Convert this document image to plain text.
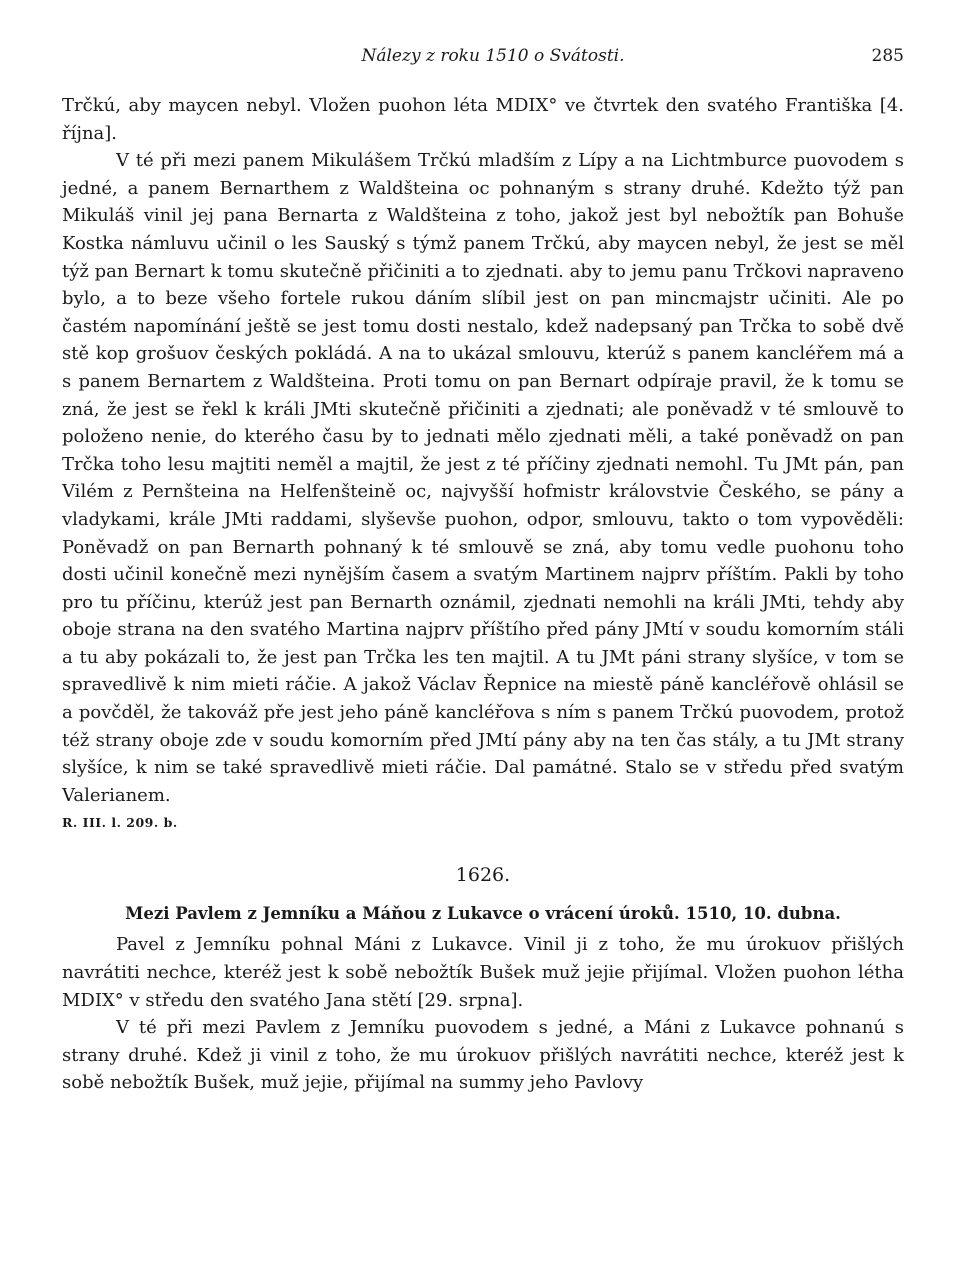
Nálezy z roku 1510 o Svátosti.	285

Trčkú, aby maycen nebyl. Vložen puohon léta MDIX° ve čtvrtek den svatého Františka [4. října].

V té při mezi panem Mikulášem Trčkú mladším z Lípy a na Lichtmburce puovodem s jedné, a panem Bernarthem z Waldšteina oc pohnaným s strany druhé. Kdežto týž pan Mikuláš vinil jej pana Bernarta z Waldšteina z toho, jakož jest byl nebožtík pan Bohuše Kostka námluvu učinil o les Sauský s týmž panem Trčkú, aby maycen nebyl, že jest se měl týž pan Bernart k tomu skutečně přičiniti a to zjednati. aby to jemu panu Trčkovi napraveno bylo, a to beze všeho fortele rukou dáním slíbil jest on pan mincmajstr učiniti. Ale po častém napomínání ještě se jest tomu dosti nestalo, kdež nadepsaný pan Trčka to sobě dvě stě kop grošuov českých pokládá. A na to ukázal smlouvu, kterúž s panem kancléřem má a s panem Bernartem z Waldšteina. Proti tomu on pan Bernart odpíraje pravil, že k tomu se zná, že jest se řekl k králi JMti skutečně přičiniti a zjednati; ale poněvadž v té smlouvě to položeno nenie, do kterého času by to jednati mělo zjednati měli, a také poněvadž on pan Trčka toho lesu majtiti neměl a majtil, že jest z té příčiny zjednati nemohl. Tu JMt pán, pan Vilém z Pernšteina na Helfenšteině oc, najvyšší hofmistr královstvie Českého, se pány a vladykami, krále JMti raddami, slyševše puohon, odpor, smlouvu, takto o tom vypověděli: Poněvadž on pan Bernarth pohnaný k té smlouvě se zná, aby tomu vedle puohonu toho dosti učinil konečně mezi nynějším časem a svatým Martinem najprv příštím. Pakli by toho pro tu příčinu, kterúž jest pan Bernarth oznámil, zjednati nemohli na králi JMti, tehdy aby oboje strana na den svatého Martina najprv příštího před pány JMtí v soudu komorním stáli a tu aby pokázali to, že jest pan Trčka les ten majtil. A tu JMt páni strany slyšíce, v tom se spravedlivě k nim mieti ráčie. A jakož Václav Řepnice na miestě páně kancléřově ohlásil se a povčděl, že takováž pře jest jeho páně kancléřova s ním s panem Trčkú puovodem, protož též strany oboje zde v soudu komorním před JMtí pány aby na ten čas stály, a tu JMt strany slyšíce, k nim se také spravedlivě mieti ráčie. Dal památné. Stalo se v středu před svatým Valerianem.

R. III. l. 209. b.

1626.

Mezi Pavlem z Jemníku a Máňou z Lukavce o vrácení úroků. 1510, 10. dubna.

Pavel z Jemníku pohnal Máni z Lukavce. Vinil ji z toho, že mu úrokuov přišlých navrátiti nechce, kteréž jest k sobě nebožtík Bušek muž jejie přijímal. Vložen puohon létha MDIX° v středu den svatého Jana stětí [29. srpna].

V té při mezi Pavlem z Jemníku puovodem s jedné, a Máni z Lukavce pohnanú s strany druhé. Kdež ji vinil z toho, že mu úrokuov přišlých navrátiti nechce, kteréž jest k sobě nebožtík Bušek, muž jejie, přijímal na summy jeho Pavlovy
